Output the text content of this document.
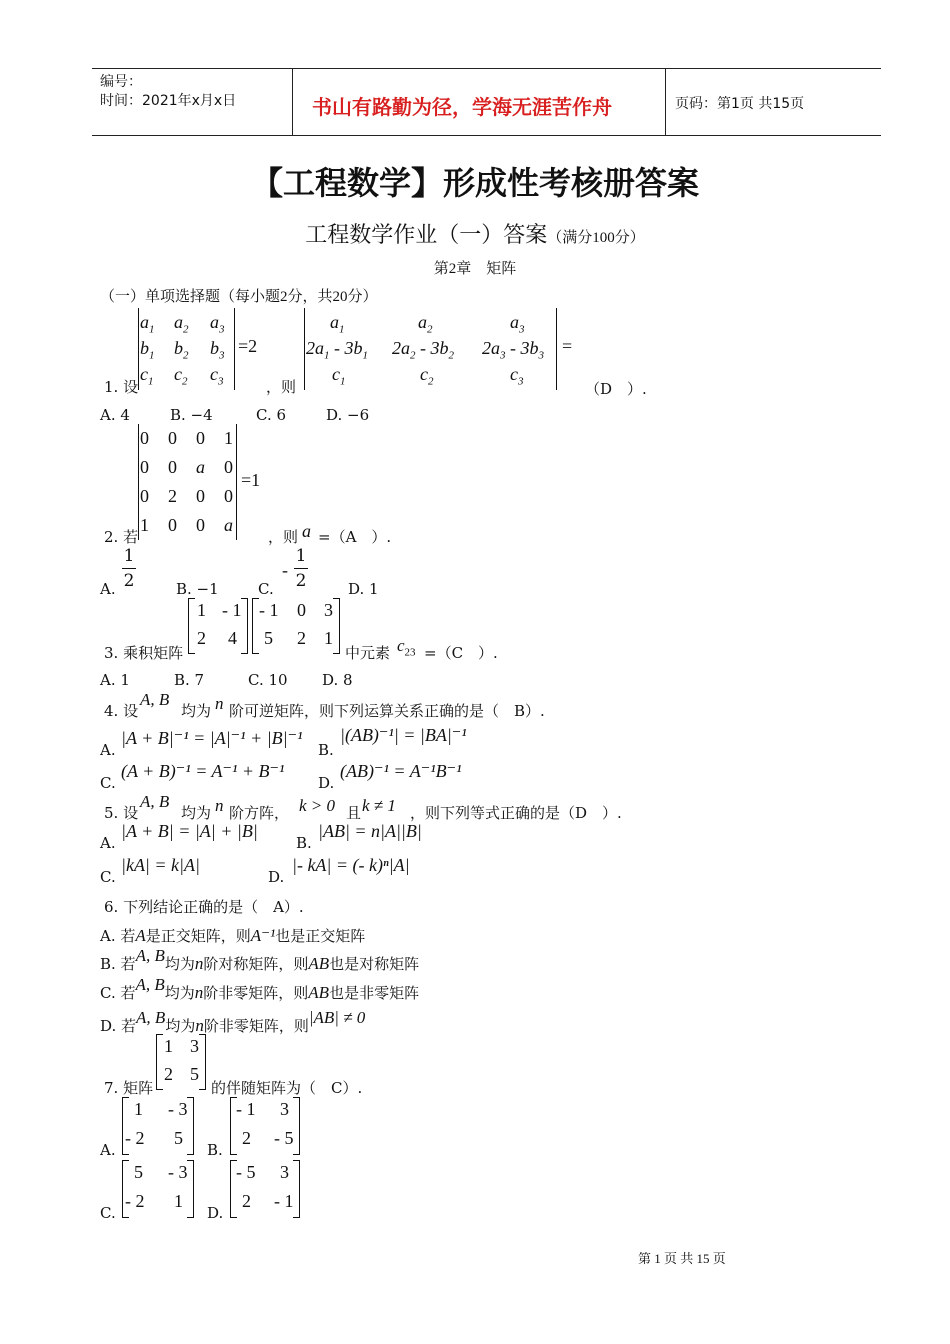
编号：
时间：2021年x月x日	书山有路勤为径，学海无涯苦作舟	页码：第1页 共15页
【工程数学】形成性考核册答案
工程数学作业（一）答案（满分100分）
第2章　矩阵
（一）单项选择题（每小题2分，共20分）
$a_1$ $a_2$ $a_3$
$b_1$ $b_2$ $b_3$
$c_1$ $c_2$ $c_3$
=2
1. 设	，则
$a_1$	$a_2$	$a_3$
$2a_1 - 3b_1$ $2a_2 - 3b_2$ $2a_3 - 3b_3$
$c_1$	$c_2$	$c_3$
=
（D　）.
A. 4	B. −4	C. 6	D. −6
0 0 0 1
0 0 a 0
0 2 0 0
1 0 0 a
=1
2. 若	，则 a =（A　）.
A.
1
2	B. −1	C.
-
1
2	D. 1
1 - 1
2 4
- 1 0 3
5 2 1
3. 乘积矩阵	中元素 $c_{23} =(C$　）.
A. 1	B. 7	C. 10 D. 8
4. 设
A, B
均为 n 阶可逆矩阵，则下列运算关系正确的是（　B）.
A.
|A + B|⁻¹ = |A|⁻¹ + |B|⁻¹
B.
|(AB)⁻¹| = |BA|⁻¹
C.
(A + B)⁻¹ = A⁻¹ + B⁻¹
D.
(AB)⁻¹ = A⁻¹B⁻¹
5. 设
A, B
均为 n 阶方阵， k > 0 且 k ≠ 1 ，则下列等式正确的是（D　）.
A.
|A + B| = |A| + |B|
B.
|AB| = n|A||B|
C.
|kA| = k|A|
D.
|- kA| = (- k)ⁿ|A|
6. 下列结论正确的是（　A）.
A. 若A是正交矩阵，则A⁻¹也是正交矩阵
B. 若A, B均为n阶对称矩阵，则AB也是对称矩阵
C. 若A, B均为n阶非零矩阵，则AB也是非零矩阵
D. 若A, B均为n阶非零矩阵，则|AB| ≠ 0
1 3
2 5
7. 矩阵	的伴随矩阵为（　C）.
A.
1 - 3
- 2 5
B.
- 1 3
2 - 5
C.
5 - 3
- 2 1
D.
- 5 3
2 - 1
第 1 页 共 15 页
